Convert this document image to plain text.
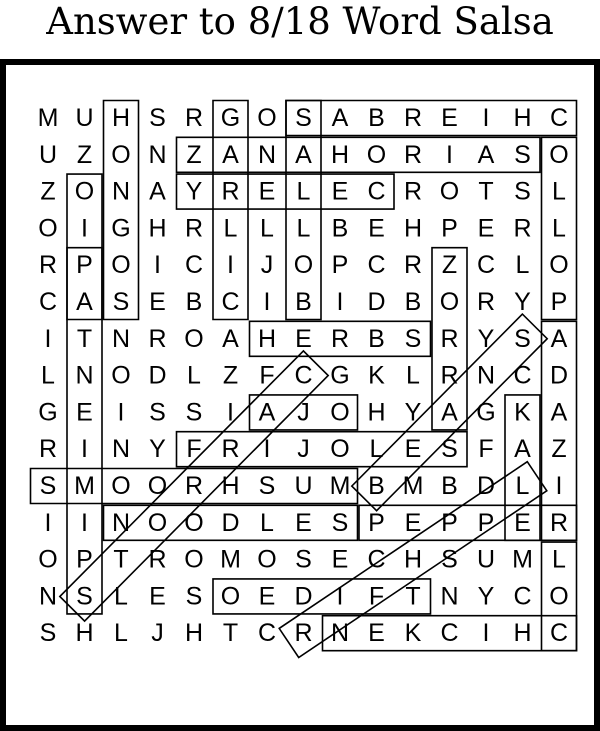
Answer to 8/18 Word Salsa
M U H S R G O S A B R E I H C
U Z O N Z A N A H O R I A S O
Z O N A Y R E L E C R O T S L
O I G H R L L L B E H P E R L
R P O I C I J O P C R Z C L O
C A S E B C I B I D B O R Y P
I T N R O A H E R B S R Y S A
L N O D L Z F C G K L R N C D
G E I S S I A J O H Y A G K A
R I N Y F R I J O L E S F A Z
S M O O R H S U M B M B D L I
I I N O O D L E S P E P P E R
O P T R O M O S E C H S U M L
N S L E S O E D I F T N Y C O
S H L J H T C R N E K C I H C
